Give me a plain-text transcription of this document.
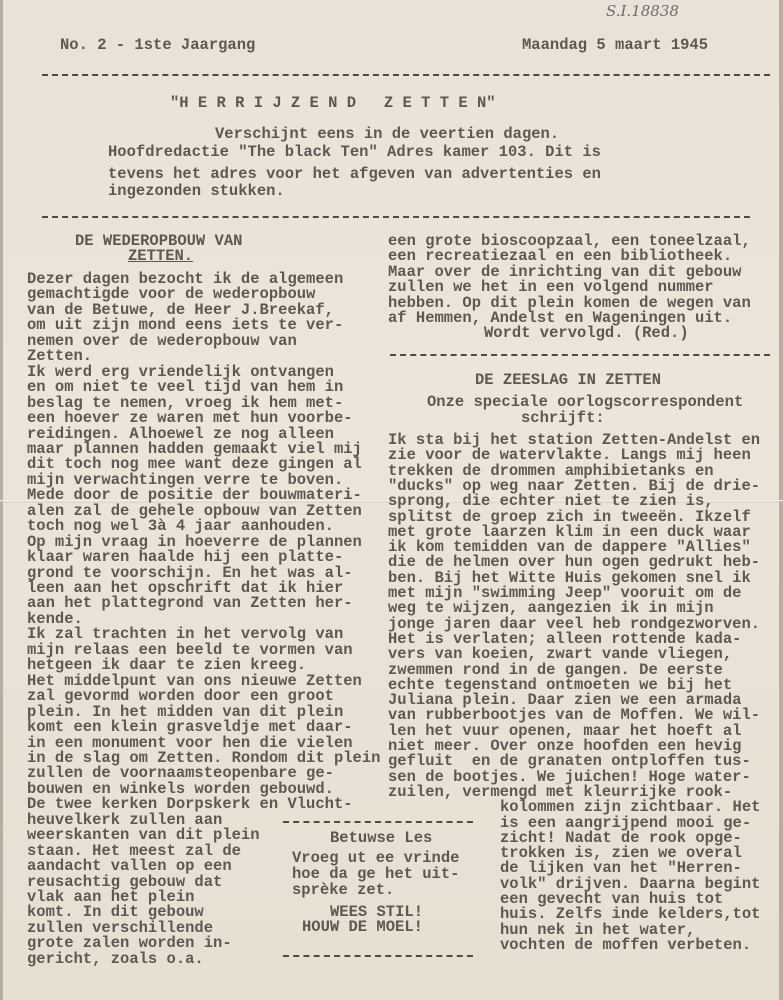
S.I.18838
No. 2 - 1ste Jaargang	Maandag 5 maart 1945
"H E R R I J Z E N D   Z E T T E N"
Verschijnt eens in de veertien dagen.
Hoofdredactie "The black Ten" Adres kamer 103. Dit is
tevens het adres voor het afgeven van advertenties en
ingezonden stukken.
DE WEDEROPBOUW VAN
ZETTEN.
Dezer dagen bezocht ik de algemeen
gemachtigde voor de wederopbouw
van de Betuwe, de Heer J.Breekaf,
om uit zijn mond eens iets te ver-
nemen over de wederopbouw van
Zetten.
Ik werd erg vriendelijk ontvangen
en om niet te veel tijd van hem in
beslag te nemen, vroeg ik hem met-
een hoever ze waren met hun voorbe-
reidingen. Alhoewel ze nog alleen
maar plannen hadden gemaakt viel mij
dit toch nog mee want deze gingen al
mijn verwachtingen verre te boven.
Mede door de positie der bouwmateri-
alen zal de gehele opbouw van Zetten
toch nog wel 3à 4 jaar aanhouden.
Op mijn vraag in hoeverre de plannen
klaar waren haalde hij een platte-
grond te voorschijn. En het was al-
leen aan het opschrift dat ik hier
aan het plattegrond van Zetten her-
kende.
Ik zal trachten in het vervolg van
mijn relaas een beeld te vormen van
hetgeen ik daar te zien kreeg.
Het middelpunt van ons nieuwe Zetten
zal gevormd worden door een groot
plein. In het midden van dit plein
komt een klein grasveldje met daar-
in een monument voor hen die vielen
in de slag om Zetten. Rondom dit plein
zullen de voornaamsteopenbare ge-
bouwen en winkels worden gebouwd.
De twee kerken Dorpskerk en Vlucht-
heuvelkerk zullen aan
weerskanten van dit plein
staan. Het meest zal de
aandacht vallen op een
reusachtig gebouw dat
vlak aan het plein
komt. In dit gebouw
zullen verschillende
grote zalen worden in-
gericht, zoals o.a.
een grote bioscoopzaal, een toneelzaal,
een recreatiezaal en een bibliotheek.
Maar over de inrichting van dit gebouw
zullen we het in een volgend nummer
hebben. Op dit plein komen de wegen van
af Hemmen, Andelst en Wageningen uit.
Wordt vervolgd. (Red.)
DE ZEESLAG IN ZETTEN
Onze speciale oorlogscorrespondent
schrijft:
Ik sta bij het station Zetten-Andelst en
zie voor de watervlakte. Langs mij heen
trekken de drommen amphibietanks en
"ducks" op weg naar Zetten. Bij de drie-
sprong, die echter niet te zien is,
splitst de groep zich in tweeën. Ikzelf
met grote laarzen klim in een duck waar
ik kom temidden van de dappere "Allies"
die de helmen over hun ogen gedrukt heb-
ben. Bij het Witte Huis gekomen snel ik
met mijn "swimming Jeep" vooruit om de
weg te wijzen, aangezien ik in mijn
jonge jaren daar veel heb rondgezworven.
Het is verlaten; alleen rottende kada-
vers van koeien, zwart vande vliegen,
zwemmen rond in de gangen. De eerste
echte tegenstand ontmoeten we bij het
Juliana plein. Daar zien we een armada
van rubberbootjes van de Moffen. We wil-
len het vuur openen, maar het hoeft al
niet meer. Over onze hoofden een hevig
gefluit  en de granaten ontploffen tus-
sen de bootjes. We juichen! Hoge water-
zuilen, vermengd met kleurrijke rook-
kolommen zijn zichtbaar. Het
is een aangrijpend mooi ge-
zicht! Nadat de rook opge-
trokken is, zien we overal
de lijken van het "Herren-
volk" drijven. Daarna begint
een gevecht van huis tot
huis. Zelfs inde kelders,tot
hun nek in het water,
vochten de moffen verbeten.
Betuwse Les
Vroeg ut ee vrinde
hoe da ge het uit-
sprèke zet.
WEES STIL!
HOUW DE MOEL!
